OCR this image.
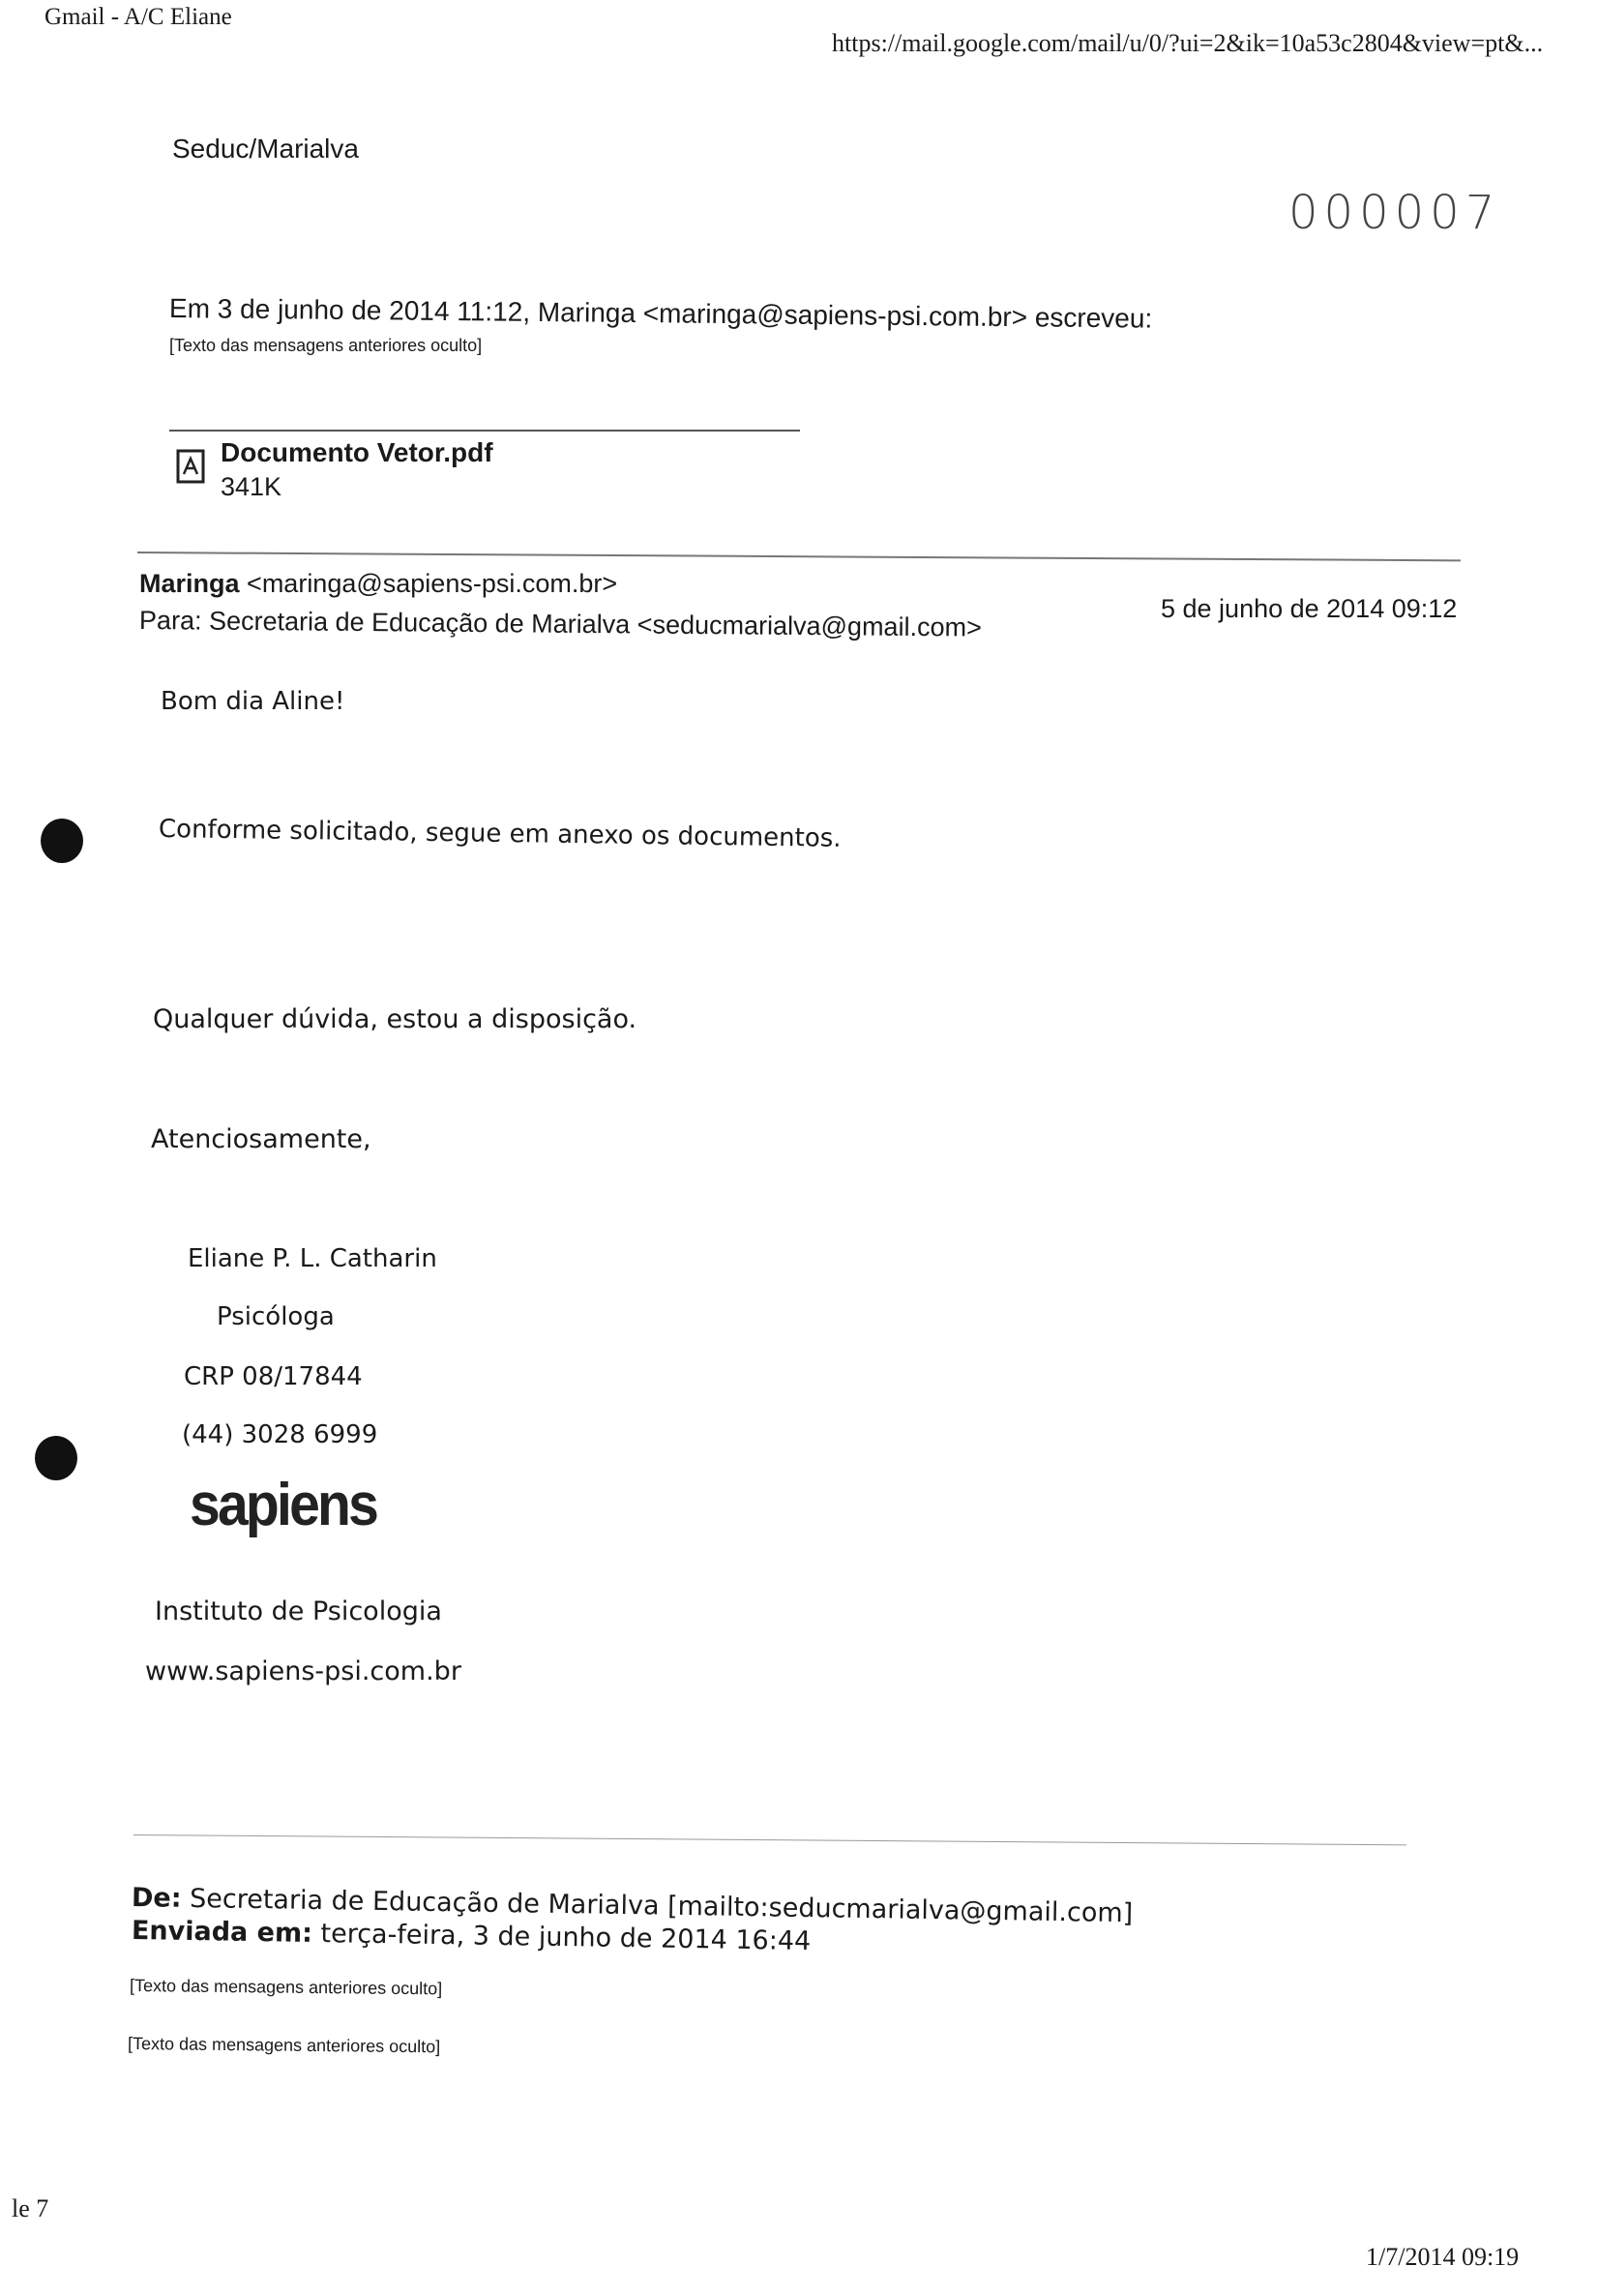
Gmail - A/C Eliane
https://mail.google.com/mail/u/0/?ui=2&ik=10a53c2804&view=pt&...
Seduc/Marialva
000007
Em 3 de junho de 2014 11:12, Maringa <maringa@sapiens-psi.com.br> escreveu:
[Texto das mensagens anteriores oculto]
Documento Vetor.pdf
341K
Maringa <maringa@sapiens-psi.com.br>
Para: Secretaria de Educação de Marialva <seducmarialva@gmail.com>	5 de junho de 2014 09:12
Bom dia Aline!
Conforme solicitado, segue em anexo os documentos.
Qualquer dúvida, estou a disposição.
Atenciosamente,
Eliane P. L. Catharin
Psicóloga
CRP 08/17844
(44) 3028 6999
sapiens
Instituto de Psicologia
www.sapiens-psi.com.br
De: Secretaria de Educação de Marialva [mailto:seducmarialva@gmail.com]
Enviada em: terça-feira, 3 de junho de 2014 16:44
[Texto das mensagens anteriores oculto]
[Texto das mensagens anteriores oculto]
le 7
1/7/2014 09:19
